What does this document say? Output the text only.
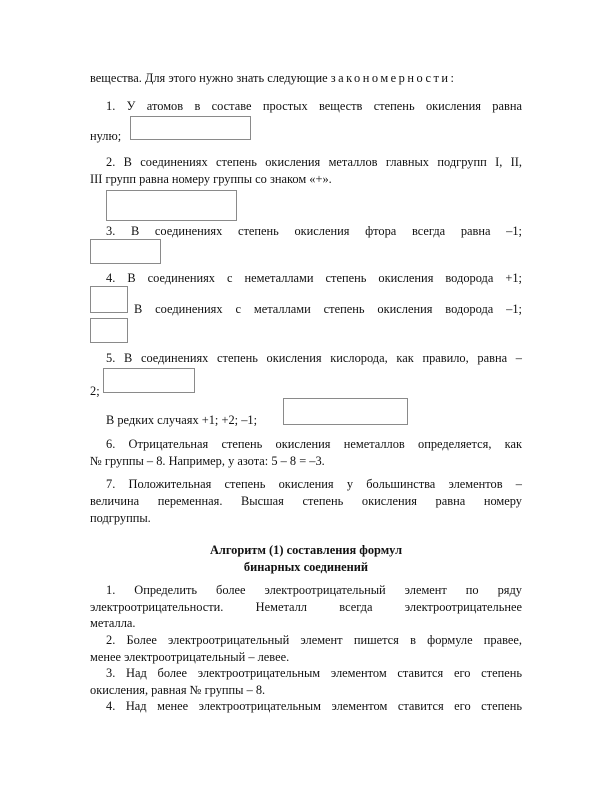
вещества. Для этого нужно знать следующие закономерности:
1. У атомов в составе простых веществ степень окисления равна
нулю;
2. В соединениях степень окисления металлов главных подгрупп I, II,
III групп равна номеру группы со знаком «+».
3. В соединениях степень окисления фтора всегда равна –1;
4. В соединениях с неметаллами степень окисления водорода +1;
В соединениях с металлами степень окисления водорода –1;
5. В соединениях степень окисления кислорода, как правило, равна –
2;
В редких случаях +1; +2; –1;
6. Отрицательная степень окисления неметаллов определяется, как
№ группы – 8. Например, у азота: 5 – 8 = –3.
7. Положительная степень окисления у большинства элементов –
величина переменная. Высшая степень окисления равна номеру
подгруппы.
Алгоритм (1) составления формул
бинарных соединений
1. Определить более электроотрицательный элемент по ряду
электроотрицательности. Неметалл всегда электроотрицательнее
металла.
2. Более электроотрицательный элемент пишется в формуле правее,
менее электроотрицательный – левее.
3. Над более электроотрицательным элементом ставится его степень
окисления, равная № группы – 8.
4. Над менее электроотрицательным элементом ставится его степень
